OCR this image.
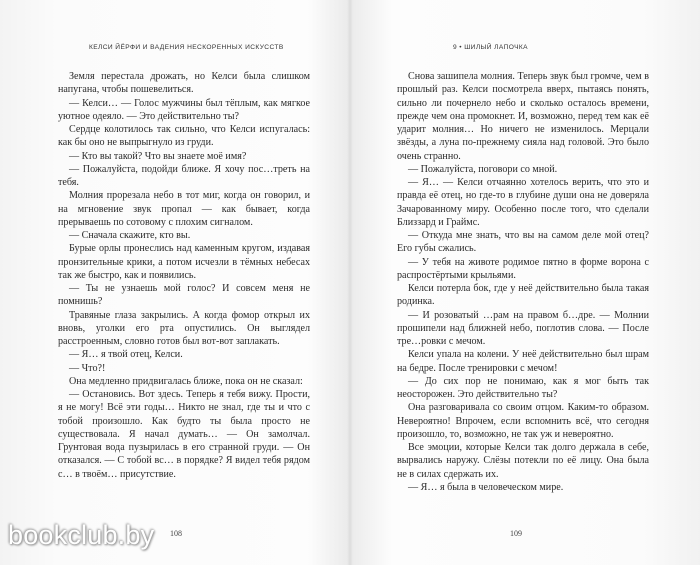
КЕЛСИ ЙЁРФИ И ВАДЕНИЯ НЕСКОРЕННЫХ ИСКУССТВ

Земля перестала дрожать, но Келси была слишком напугана, чтобы пошевелиться.

— Келси… — Голос мужчины был тёплым, как мягкое уютное одеяло. — Это действительно ты?

Сердце колотилось так сильно, что Келси испугалась: как бы оно не выпрыгнуло из груди.

— Кто вы такой? Что вы знаете моё имя?

— Пожалуйста, подойди ближе. Я хочу пос…треть на тебя.

Молния прорезала небо в тот миг, когда он говорил, и на мгновение звук пропал — как бывает, когда прерываешь по сотовому с плохим сигналом.

— Сначала скажите, кто вы.

Бурые орлы пронеслись над каменным кругом, издавая пронзительные крики, а потом исчезли в тёмных небесах так же быстро, как и появились.

— Ты не узнаешь мой голос? И совсем меня не помнишь?

Травяные глаза закрылись. А когда фомор открыл их вновь, уголки его рта опустились. Он выглядел расстроенным, словно готов был вот-вот заплакать.

— Я… я твой отец, Келси.

— Что?!

Она медленно придвигалась ближе, пока он не сказал:

— Остановись. Вот здесь. Теперь я тебя вижу. Прости, я не могу! Всё эти годы… Никто не знал, где ты и что с тобой произошло. Как будто ты была просто не существовала. Я начал думать… — Он замолчал. Грунтовая вода пузырилась в его странной груди. — Он отказался. — С тобой вс… в порядке? Я видел тебя рядом с… в твоём… присутствие.

108

Снова зашипела молния. Теперь звук был громче, чем в прошлый раз. Келси посмотрела вверх, пытаясь понять, сильно ли почернело небо и сколько осталось времени, прежде чем она промокнет. И, возможно, перед тем как её ударит молния… Но ничего не изменилось. Мерцали звёзды, а луна по-прежнему сияла над головой. Это было очень странно.

— Пожалуйста, поговори со мной.

— Я… — Келси отчаянно хотелось верить, что это и правда её отец, но где-то в глубине души она не доверяла Зачарованному миру. Особенно после того, что сделали Близзард и Граймс.

— Откуда мне знать, что вы на самом деле мой отец? Его губы сжались.

— У тебя на животе родимое пятно в форме ворона с распростёртыми крыльями.

Келси потерла бок, где у неё действительно была такая родинка.

— И розоватый …рам на правом б…дре. — Молнии прошипели над ближней небо, поглотив слова. — После тре…ровки с мечом.

Келси упала на колени. У неё действительно был шрам на бедре. После тренировки с мечом!

— До сих пор не понимаю, как я мог быть так неосторожен. Это действительно ты?

Она разговаривала со своим отцом. Каким-то образом. Невероятно! Впрочем, если вспомнить всё, что сегодня произошло, то, возможно, не так уж и невероятно.

Все эмоции, которые Келси так долго держала в себе, вырвались наружу. Слёзы потекли по её лицу. Она была не в силах сдержать их.

— Я… я была в человеческом мире.

109
9 • ШИЛЫЙ ЛАПОЧКА
bookclub.by
